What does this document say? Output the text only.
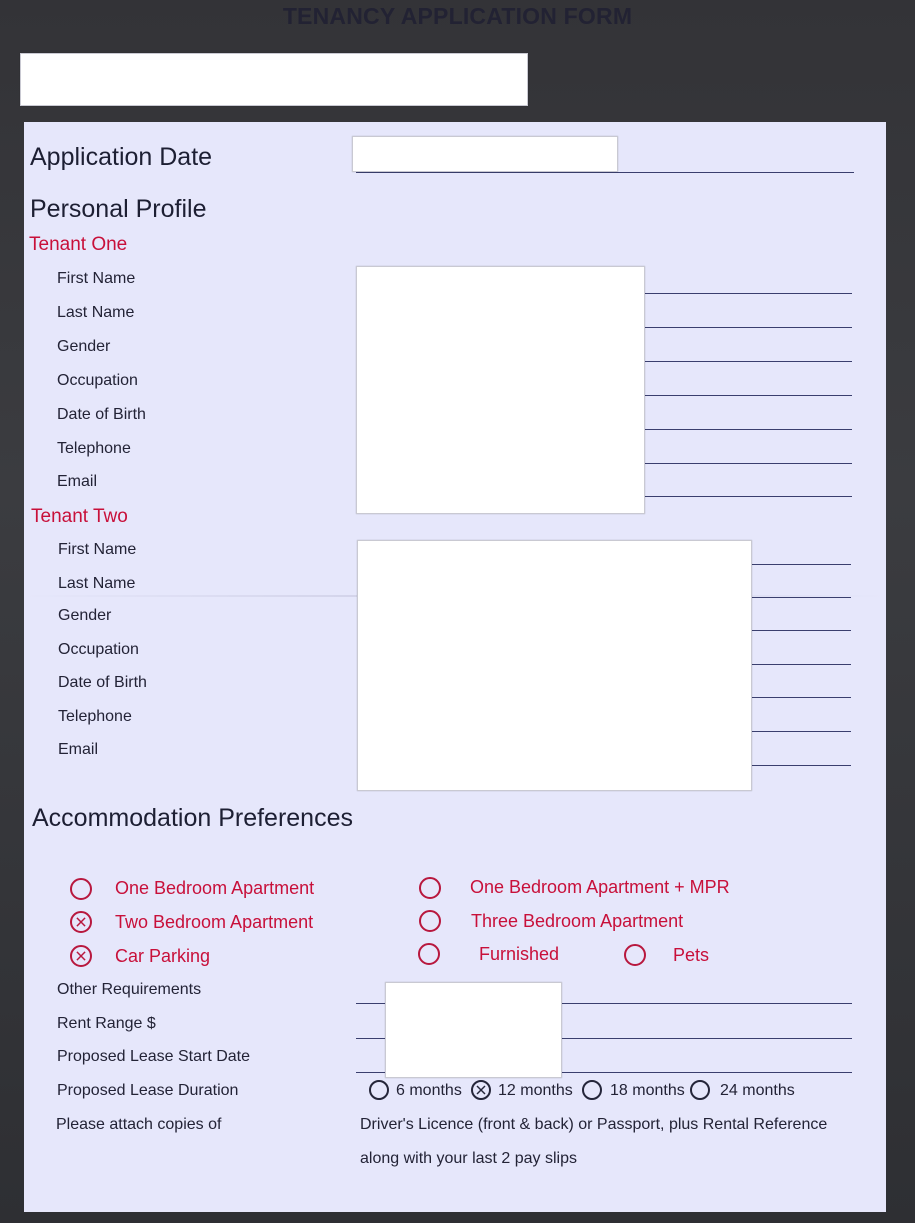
TENANCY APPLICATION FORM
Application Date
Personal Profile
Tenant One
First Name
Last Name
Gender
Occupation
Date of Birth
Telephone
Email
Tenant Two
First Name
Last Name
Gender
Occupation
Date of Birth
Telephone
Email
Accommodation Preferences
One Bedroom Apartment
Two Bedroom Apartment
Car Parking
One Bedroom Apartment + MPR
Three Bedroom Apartment
Furnished	Pets
Other Requirements
Rent Range $
Proposed Lease Start Date
Proposed Lease Duration
Please attach copies of
6 months 12 months 18 months 24 months
Driver's Licence (front & back) or Passport, plus Rental Reference
along with your last 2 pay slips
